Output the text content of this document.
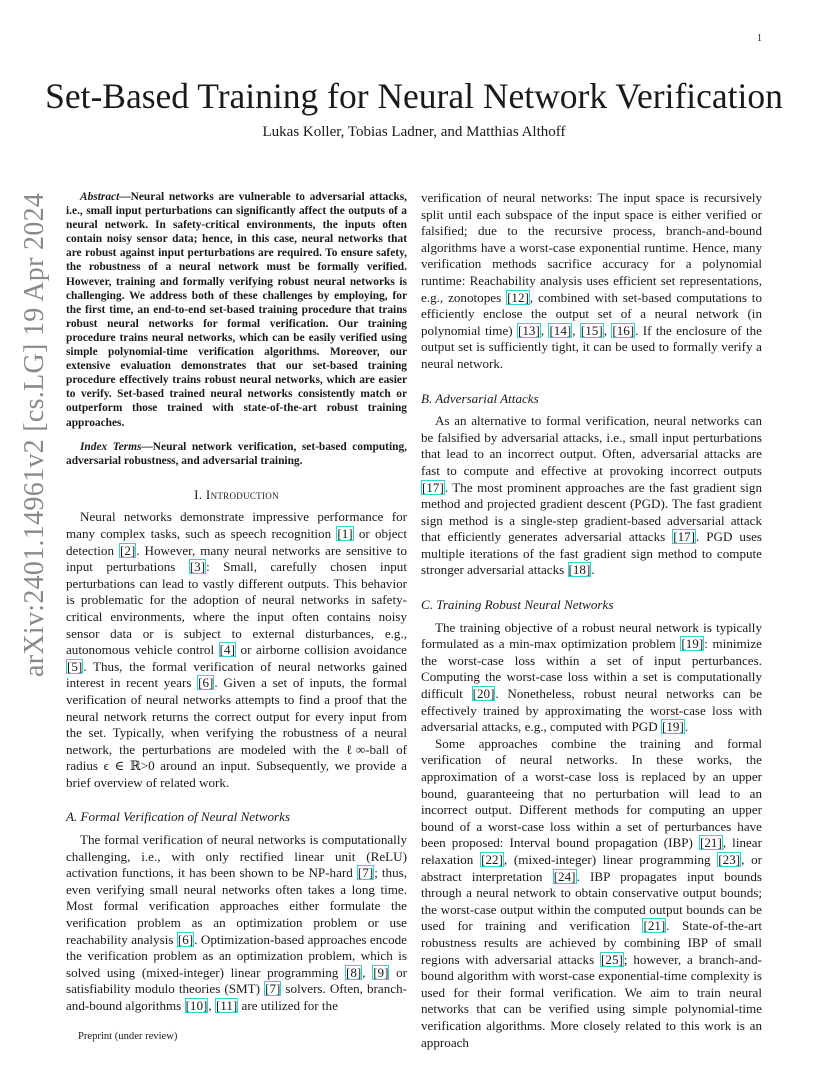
1
arXiv:2401.14961v2 [cs.LG] 19 Apr 2024
Set-Based Training for Neural Network Verification
Lukas Koller, Tobias Ladner, and Matthias Althoff

Abstract—Neural networks are vulnerable to adversarial attacks, i.e., small input perturbations can significantly affect the outputs of a neural network. In safety-critical environments, the inputs often contain noisy sensor data; hence, in this case, neural networks that are robust against input perturbations are required. To ensure safety, the robustness of a neural network must be formally verified. However, training and formally verifying robust neural networks is challenging. We address both of these challenges by employing, for the first time, an end-to-end set-based training procedure that trains robust neural networks for formal verification. Our training procedure trains neural networks, which can be easily verified using simple polynomial-time verification algorithms. Moreover, our extensive evaluation demonstrates that our set-based training procedure effectively trains robust neural networks, which are easier to verify. Set-based trained neural networks consistently match or outperform those trained with state-of-the-art robust training approaches.

Index Terms—Neural network verification, set-based computing, adversarial robustness, and adversarial training.

I. Introduction

Neural networks demonstrate impressive performance for many complex tasks, such as speech recognition [1] or object detection [2]. However, many neural networks are sensitive to input perturbations [3]: Small, carefully chosen input perturbations can lead to vastly different outputs. This behavior is problematic for the adoption of neural networks in safety-critical environments, where the input often contains noisy sensor data or is subject to external disturbances, e.g., autonomous vehicle control [4] or airborne collision avoidance [5]. Thus, the formal verification of neural networks gained interest in recent years [6]. Given a set of inputs, the formal verification of neural networks attempts to find a proof that the neural network returns the correct output for every input from the set. Typically, when verifying the robustness of a neural network, the perturbations are modeled with the ℓ∞-ball of radius ϵ ∈ ℝ>0 around an input. Subsequently, we provide a brief overview of related work.

A. Formal Verification of Neural Networks

The formal verification of neural networks is computationally challenging, i.e., with only rectified linear unit (ReLU) activation functions, it has been shown to be NP-hard [7]; thus, even verifying small neural networks often takes a long time. Most formal verification approaches either formulate the verification problem as an optimization problem or use reachability analysis [6]. Optimization-based approaches encode the verification problem as an optimization problem, which is solved using (mixed-integer) linear programming [8], [9] or satisfiability modulo theories (SMT) [7] solvers. Often, branch-and-bound algorithms [10], [11] are utilized for the

verification of neural networks: The input space is recursively split until each subspace of the input space is either verified or falsified; due to the recursive process, branch-and-bound algorithms have a worst-case exponential runtime. Hence, many verification methods sacrifice accuracy for a polynomial runtime: Reachability analysis uses efficient set representations, e.g., zonotopes [12], combined with set-based computations to efficiently enclose the output set of a neural network (in polynomial time) [13], [14], [15], [16]. If the enclosure of the output set is sufficiently tight, it can be used to formally verify a neural network.

B. Adversarial Attacks

As an alternative to formal verification, neural networks can be falsified by adversarial attacks, i.e., small input perturbations that lead to an incorrect output. Often, adversarial attacks are fast to compute and effective at provoking incorrect outputs [17]. The most prominent approaches are the fast gradient sign method and projected gradient descent (PGD). The fast gradient sign method is a single-step gradient-based adversarial attack that efficiently generates adversarial attacks [17]. PGD uses multiple iterations of the fast gradient sign method to compute stronger adversarial attacks [18].

C. Training Robust Neural Networks

The training objective of a robust neural network is typically formulated as a min-max optimization problem [19]: minimize the worst-case loss within a set of input perturbances. Computing the worst-case loss within a set is computationally difficult [20]. Nonetheless, robust neural networks can be effectively trained by approximating the worst-case loss with adversarial attacks, e.g., computed with PGD [19].

Some approaches combine the training and formal verification of neural networks. In these works, the approximation of a worst-case loss is replaced by an upper bound, guaranteeing that no perturbation will lead to an incorrect output. Different methods for computing an upper bound of a worst-case loss within a set of perturbances have been proposed: Interval bound propagation (IBP) [21], linear relaxation [22], (mixed-integer) linear programming [23], or abstract interpretation [24]. IBP propagates input bounds through a neural network to obtain conservative output bounds; the worst-case output within the computed output bounds can be used for training and verification [21]. State-of-the-art robustness results are achieved by combining IBP of small regions with adversarial attacks [25]; however, a branch-and-bound algorithm with worst-case exponential-time complexity is used for their formal verification. We aim to train neural networks that can be verified using simple polynomial-time verification algorithms. More closely related to this work is an approach

Preprint (under review)
